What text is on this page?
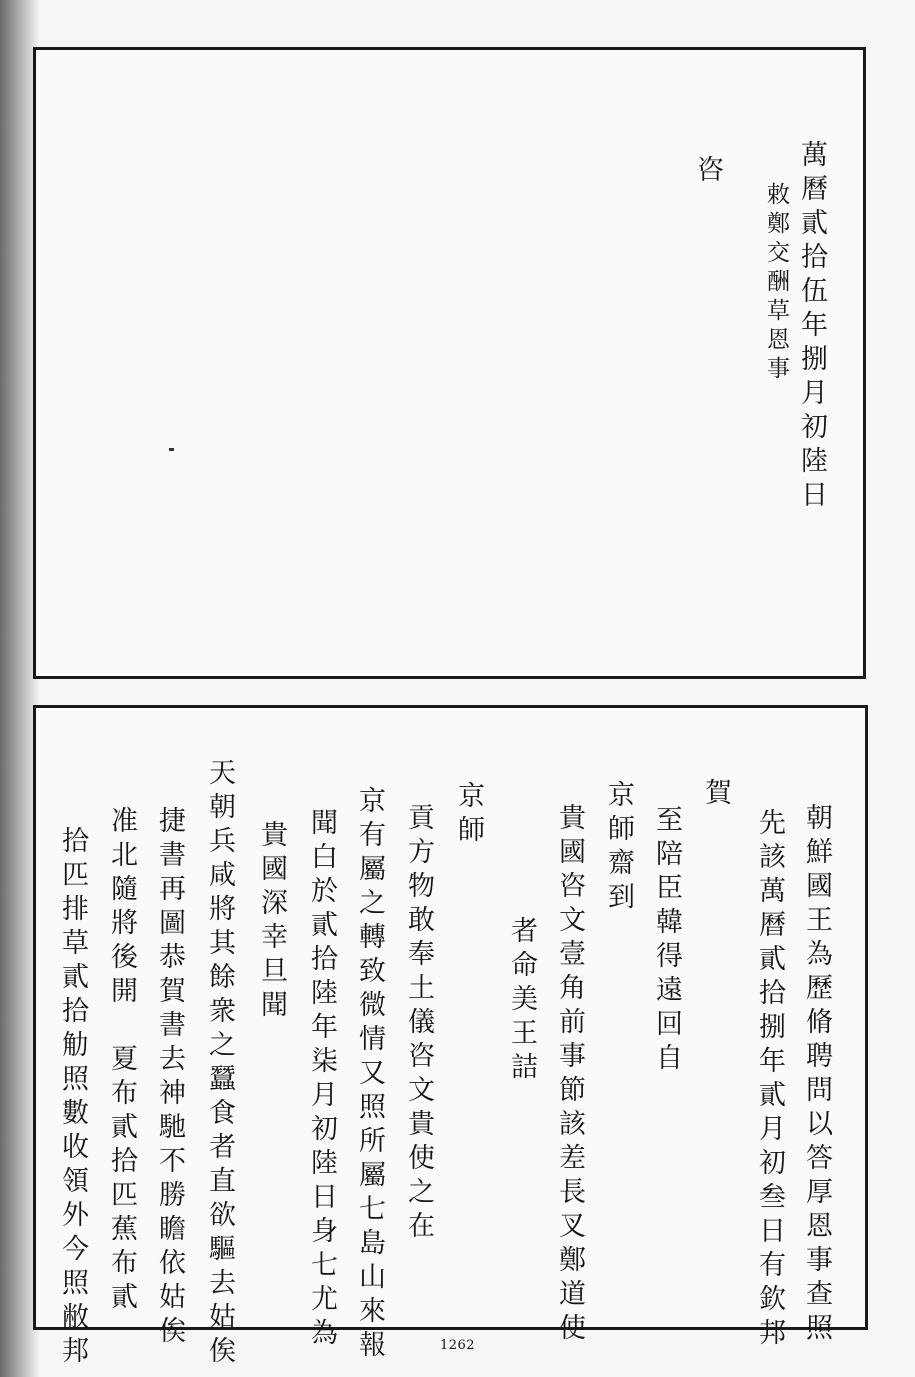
萬曆貳拾伍年捌月初陸日
敕鄭交酬草恩事
咨
朝鮮國王為歷脩聘問以答厚恩事查照
先該萬曆貳拾捌年貳月初叁日有欽邦
賀
至陪臣韓得遠回自
京師齋到
貴國咨文壹角前事節該差長叉鄭道使
者命美王詰
京師
貢方物敢奉土儀咨文貴使之在
京有屬之轉致微情又照所屬七島山來報
聞白於貳拾陸年柒月初陸日身七尤為
貴國深幸旦聞
天朝兵咸將其餘衆之蠶食者直欲驅去姑俟
捷書再圖恭賀書去神馳不勝瞻依姑俟
准北隨將後開　夏布貳拾匹蕉布貳
拾匹排草貳拾觔照數收領外今照敝邦	1262
